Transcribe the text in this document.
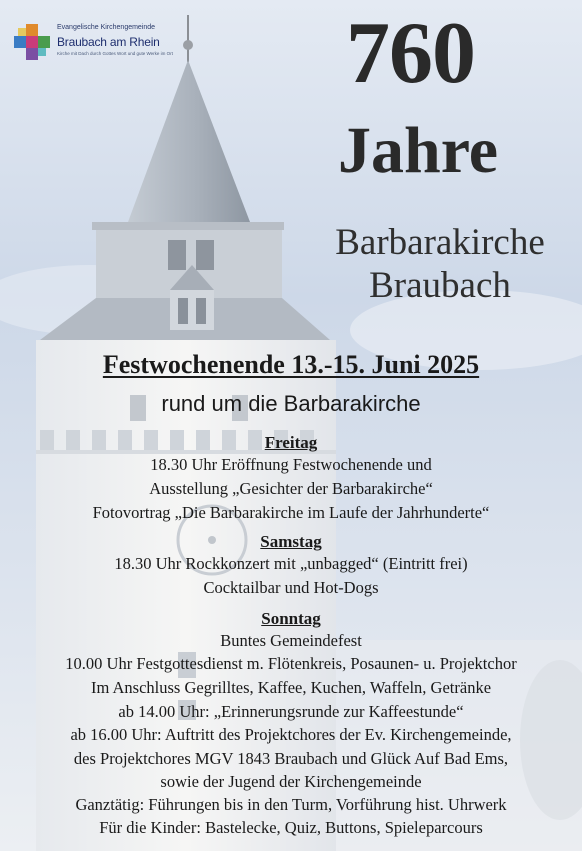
Evangelische Kirchengemeinde
Braubach am Rhein
Kirche mit Dach durch Gottes Wort und gute Werke im Ort 760
Jahre
Barbarakirche
Braubach
Festwochenende 13.-15. Juni 2025
rund um die Barbarakirche
Freitag
18.30 Uhr Eröffnung Festwochenende und
Ausstellung „Gesichter der Barbarakirche“
Fotovortrag „Die Barbarakirche im Laufe der Jahrhunderte“
Samstag
18.30 Uhr Rockkonzert mit „unbagged“ (Eintritt frei)
Cocktailbar und Hot-Dogs
Sonntag
Buntes Gemeindefest
10.00 Uhr Festgottesdienst m. Flötenkreis, Posaunen- u. Projektchor
Im Anschluss Gegrilltes, Kaffee, Kuchen, Waffeln, Getränke
ab 14.00 Uhr: „Erinnerungsrunde zur Kaffeestunde“
ab 16.00 Uhr: Auftritt des Projektchores der Ev. Kirchengemeinde,
des Projektchores MGV 1843 Braubach und Glück Auf Bad Ems,
sowie der Jugend der Kirchengemeinde
Ganztätig: Führungen bis in den Turm, Vorführung hist. Uhrwerk
Für die Kinder: Bastelecke, Quiz, Buttons, Spieleparcours
